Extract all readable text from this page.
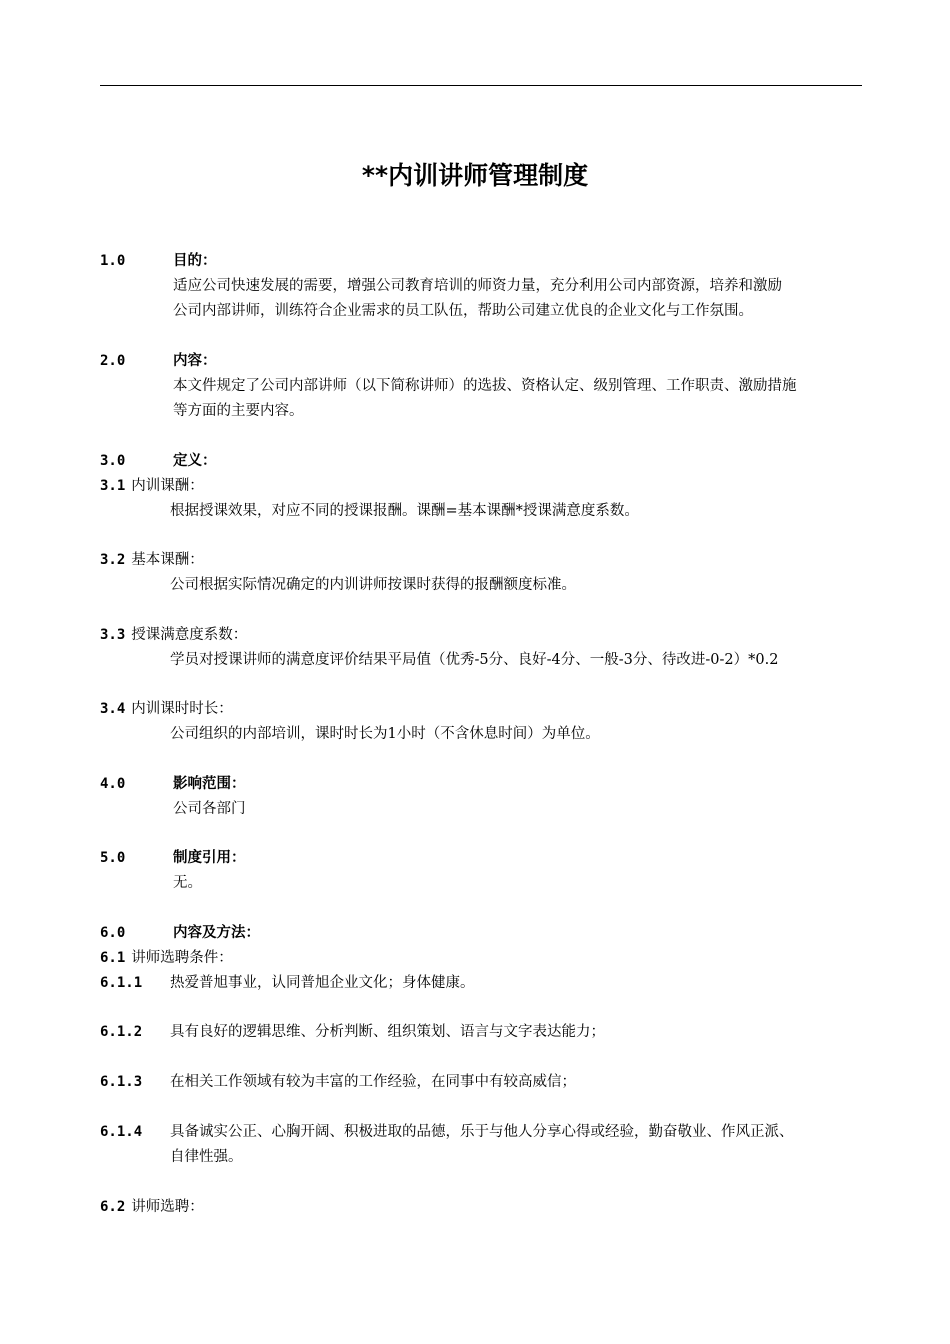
**内训讲师管理制度
1.0	目的：
适应公司快速发展的需要，增强公司教育培训的师资力量，充分利用公司内部资源，培养和激励
公司内部讲师，训练符合企业需求的员工队伍，帮助公司建立优良的企业文化与工作氛围。
2.0	内容：
本文件规定了公司内部讲师（以下简称讲师）的选拔、资格认定、级别管理、工作职责、激励措施
等方面的主要内容。
3.0	定义：
3.1 内训课酬：
根据授课效果，对应不同的授课报酬。课酬=基本课酬*授课满意度系数。
3.2 基本课酬：
公司根据实际情况确定的内训讲师按课时获得的报酬额度标准。
3.3 授课满意度系数：
学员对授课讲师的满意度评价结果平局值（优秀-5分、良好-4分、一般-3分、待改进-0-2）*0.2
3.4 内训课时时长：
公司组织的内部培训，课时时长为1小时（不含休息时间）为单位。
4.0	影响范围：
公司各部门
5.0	制度引用：
无。
6.0	内容及方法：
6.1 讲师选聘条件：
6.1.1 热爱普旭事业，认同普旭企业文化；身体健康。
6.1.2 具有良好的逻辑思维、分析判断、组织策划、语言与文字表达能力；
6.1.3 在相关工作领域有较为丰富的工作经验，在同事中有较高威信；
6.1.4 具备诚实公正、心胸开阔、积极进取的品德，乐于与他人分享心得或经验，勤奋敬业、作风正派、
自律性强。
6.2 讲师选聘：
